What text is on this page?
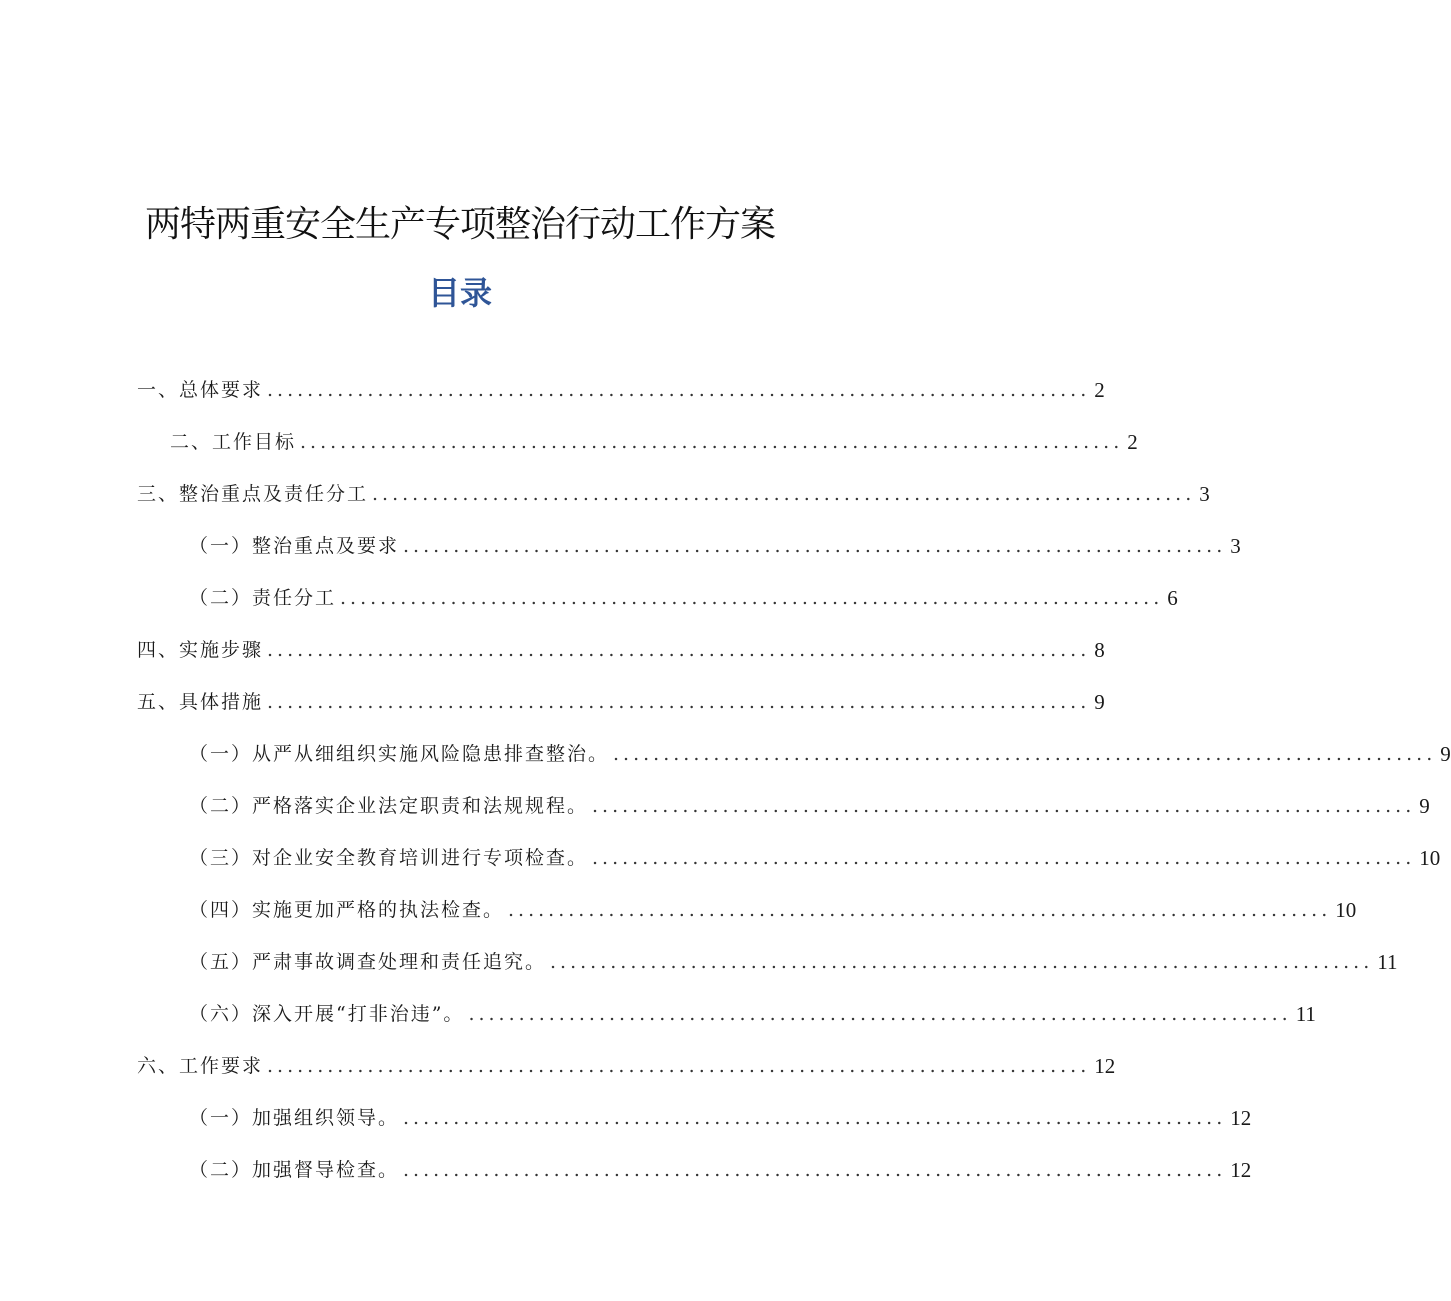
两特两重安全生产专项整治行动工作方案
目录
一、总体要求 .................................................................................. 2
二、工作目标 .................................................................................. 2
三、整治重点及责任分工 .................................................................................. 3
（一）整治重点及要求 .................................................................................. 3
（二）责任分工 .................................................................................. 6
四、实施步骤 .................................................................................. 8
五、具体措施 .................................................................................. 9
（一）从严从细组织实施风险隐患排查整治。 .................................................................................. 9
（二）严格落实企业法定职责和法规规程。 .................................................................................. 9
（三）对企业安全教育培训进行专项检查。 .................................................................................. 10
（四）实施更加严格的执法检查。 .................................................................................. 10
（五）严肃事故调查处理和责任追究。 .................................................................................. 11
（六）深入开展“打非治违”。 .................................................................................. 11
六、工作要求 .................................................................................. 12
（一）加强组织领导。 .................................................................................. 12
（二）加强督导检查。 .................................................................................. 12
